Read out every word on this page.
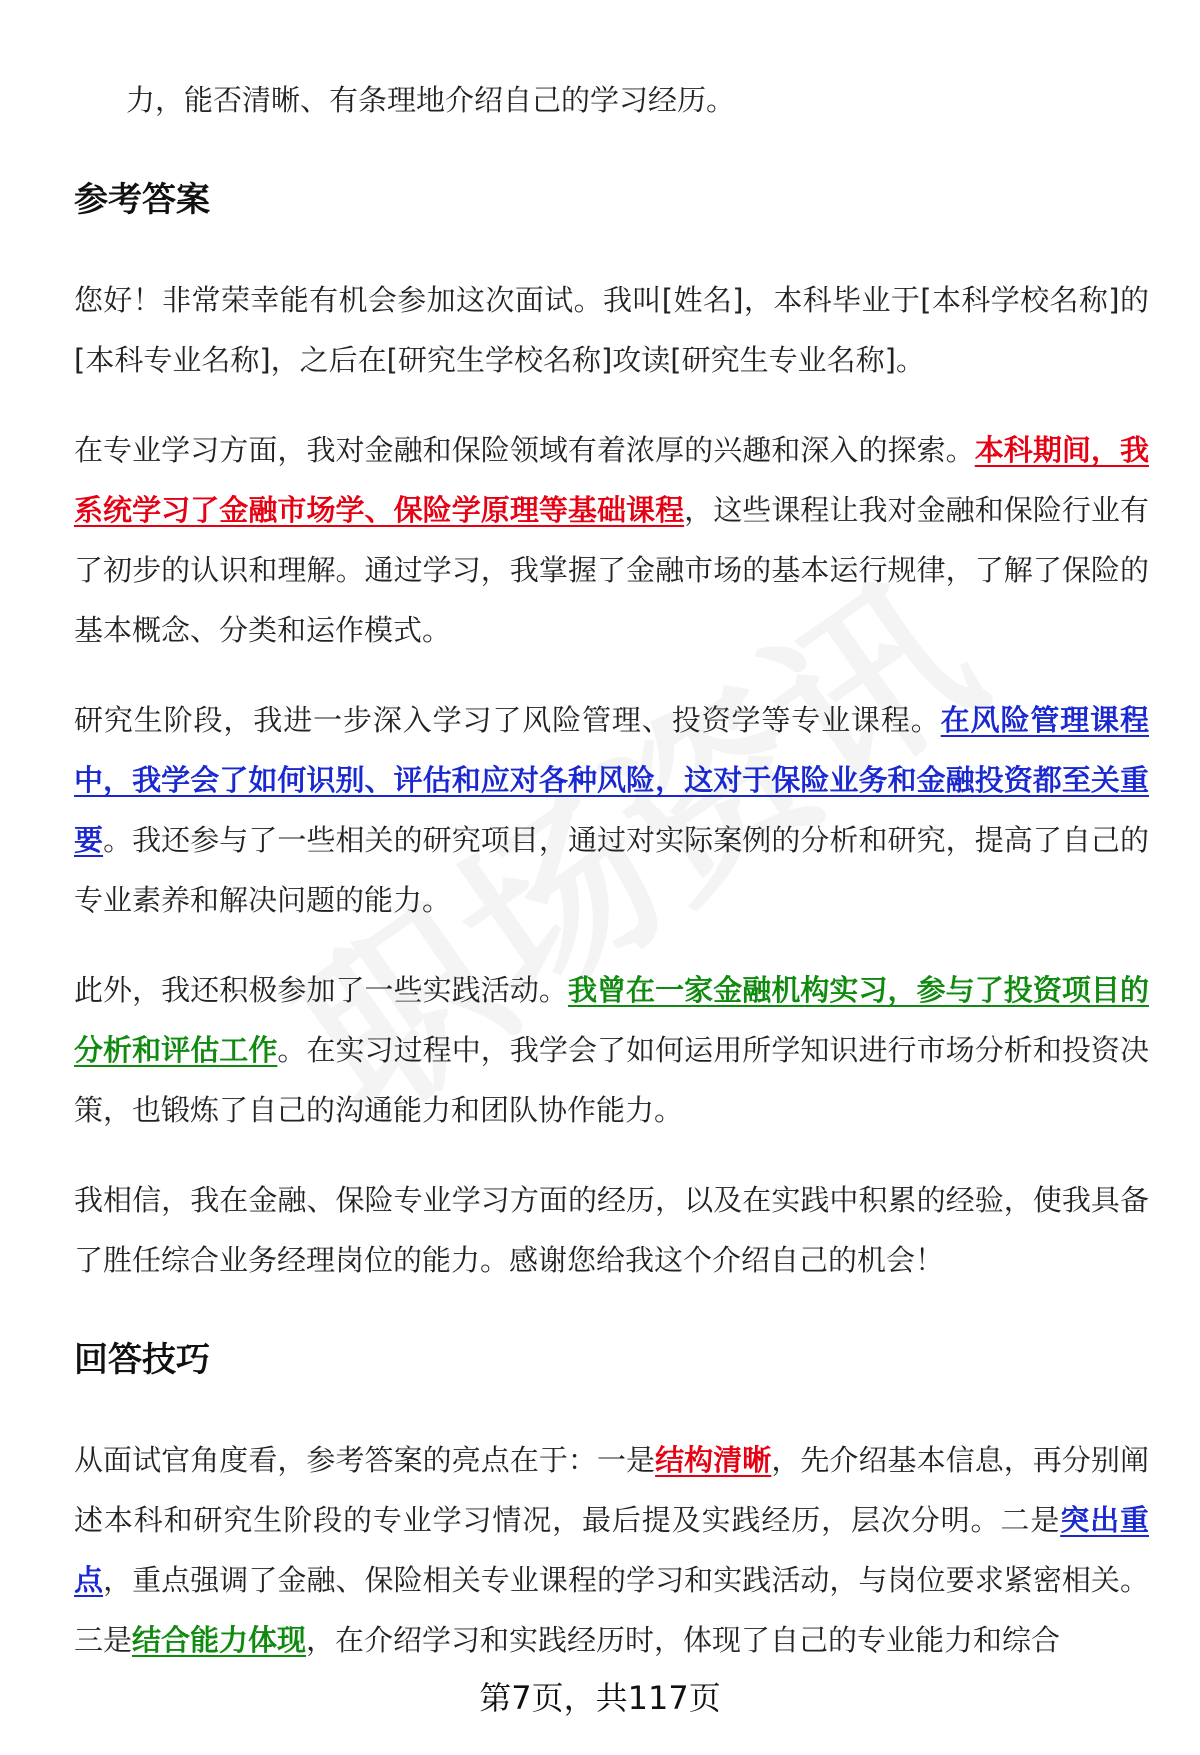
力，能否清晰、有条理地介绍自己的学习经历。

参考答案

您好！非常荣幸能有机会参加这次面试。我叫[姓名]，本科毕业于[本科学校名称]的[本科专业名称]，之后在[研究生学校名称]攻读[研究生专业名称]。

在专业学习方面，我对金融和保险领域有着浓厚的兴趣和深入的探索。本科期间，我系统学习了金融市场学、保险学原理等基础课程，这些课程让我对金融和保险行业有了初步的认识和理解。通过学习，我掌握了金融市场的基本运行规律，了解了保险的基本概念、分类和运作模式。

研究生阶段，我进一步深入学习了风险管理、投资学等专业课程。在风险管理课程中，我学会了如何识别、评估和应对各种风险，这对于保险业务和金融投资都至关重要。我还参与了一些相关的研究项目，通过对实际案例的分析和研究，提高了自己的专业素养和解决问题的能力。

此外，我还积极参加了一些实践活动。我曾在一家金融机构实习，参与了投资项目的分析和评估工作。在实习过程中，我学会了如何运用所学知识进行市场分析和投资决策，也锻炼了自己的沟通能力和团队协作能力。

我相信，我在金融、保险专业学习方面的经历，以及在实践中积累的经验，使我具备了胜任综合业务经理岗位的能力。感谢您给我这个介绍自己的机会！

回答技巧

从面试官角度看，参考答案的亮点在于：一是结构清晰，先介绍基本信息，再分别阐述本科和研究生阶段的专业学习情况，最后提及实践经历，层次分明。二是突出重点，重点强调了金融、保险相关专业课程的学习和实践活动，与岗位要求紧密相关。三是结合能力体现，在介绍学习和实践经历时，体现了自己的专业能力和综合

第7页，共117页
